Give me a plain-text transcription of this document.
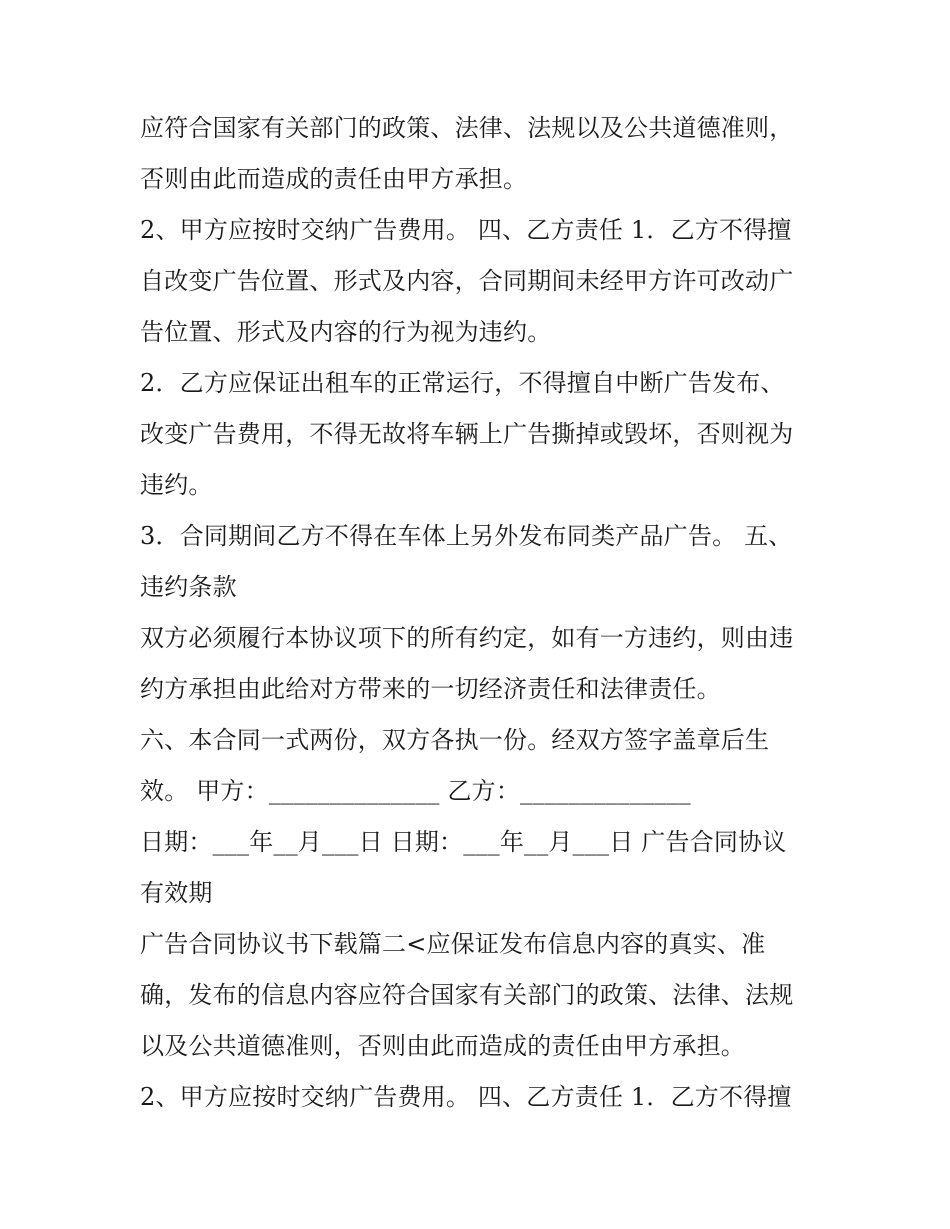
应符合国家有关部门的政策、法律、法规以及公共道德准则，
否则由此而造成的责任由甲方承担。
2、甲方应按时交纳广告费用。 四、乙方责任 1．乙方不得擅
自改变广告位置、形式及内容，合同期间未经甲方许可改动广
告位置、形式及内容的行为视为违约。
2．乙方应保证出租车的正常运行，不得擅自中断广告发布、
改变广告费用，不得无故将车辆上广告撕掉或毁坏，否则视为
违约。
3．合同期间乙方不得在车体上另外发布同类产品广告。 五、
违约条款
双方必须履行本协议项下的所有约定，如有一方违约，则由违
约方承担由此给对方带来的一切经济责任和法律责任。
六、本合同一式两份，双方各执一份。经双方签字盖章后生
效。 甲方：______________ 乙方：______________
日期：___年__月___日 日期：___年__月___日 广告合同协议
有效期
广告合同协议书下载篇二<应保证发布信息内容的真实、准
确，发布的信息内容应符合国家有关部门的政策、法律、法规
以及公共道德准则，否则由此而造成的责任由甲方承担。
2、甲方应按时交纳广告费用。 四、乙方责任 1．乙方不得擅
